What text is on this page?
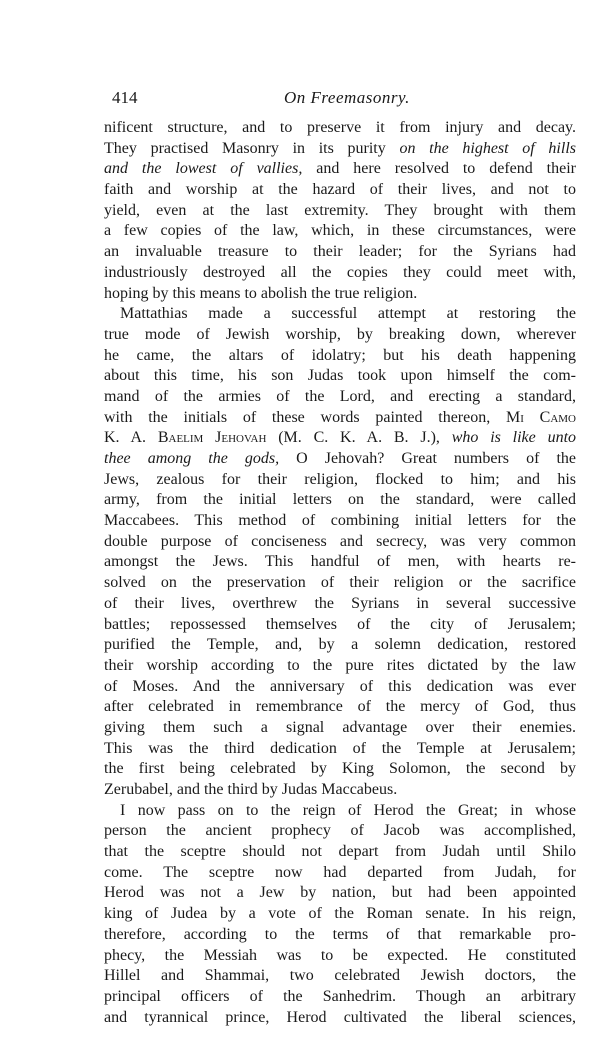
414	On Freemasonry.
nificent structure, and to preserve it from injury and decay.
They practised Masonry in its purity on the highest of hills
and the lowest of vallies, and here resolved to defend their
faith and worship at the hazard of their lives, and not to
yield, even at the last extremity. They brought with them
a few copies of the law, which, in these circumstances, were
an invaluable treasure to their leader; for the Syrians had
industriously destroyed all the copies they could meet with,
hoping by this means to abolish the true religion.
Mattathias made a successful attempt at restoring the
true mode of Jewish worship, by breaking down, wherever
he came, the altars of idolatry; but his death happening
about this time, his son Judas took upon himself the com-
mand of the armies of the Lord, and erecting a standard,
with the initials of these words painted thereon, Mi Camo
K. A. Baelim Jehovah (M. C. K. A. B. J.), who is like unto
thee among the gods, O Jehovah? Great numbers of the
Jews, zealous for their religion, flocked to him; and his
army, from the initial letters on the standard, were called
Maccabees. This method of combining initial letters for the
double purpose of conciseness and secrecy, was very common
amongst the Jews. This handful of men, with hearts re-
solved on the preservation of their religion or the sacrifice
of their lives, overthrew the Syrians in several successive
battles; repossessed themselves of the city of Jerusalem;
purified the Temple, and, by a solemn dedication, restored
their worship according to the pure rites dictated by the law
of Moses. And the anniversary of this dedication was ever
after celebrated in remembrance of the mercy of God, thus
giving them such a signal advantage over their enemies.
This was the third dedication of the Temple at Jerusalem;
the first being celebrated by King Solomon, the second by
Zerubabel, and the third by Judas Maccabeus.
I now pass on to the reign of Herod the Great; in whose
person the ancient prophecy of Jacob was accomplished,
that the sceptre should not depart from Judah until Shilo
come. The sceptre now had departed from Judah, for
Herod was not a Jew by nation, but had been appointed
king of Judea by a vote of the Roman senate. In his reign,
therefore, according to the terms of that remarkable pro-
phecy, the Messiah was to be expected. He constituted
Hillel and Shammai, two celebrated Jewish doctors, the
principal officers of the Sanhedrim. Though an arbitrary
and tyrannical prince, Herod cultivated the liberal sciences,
